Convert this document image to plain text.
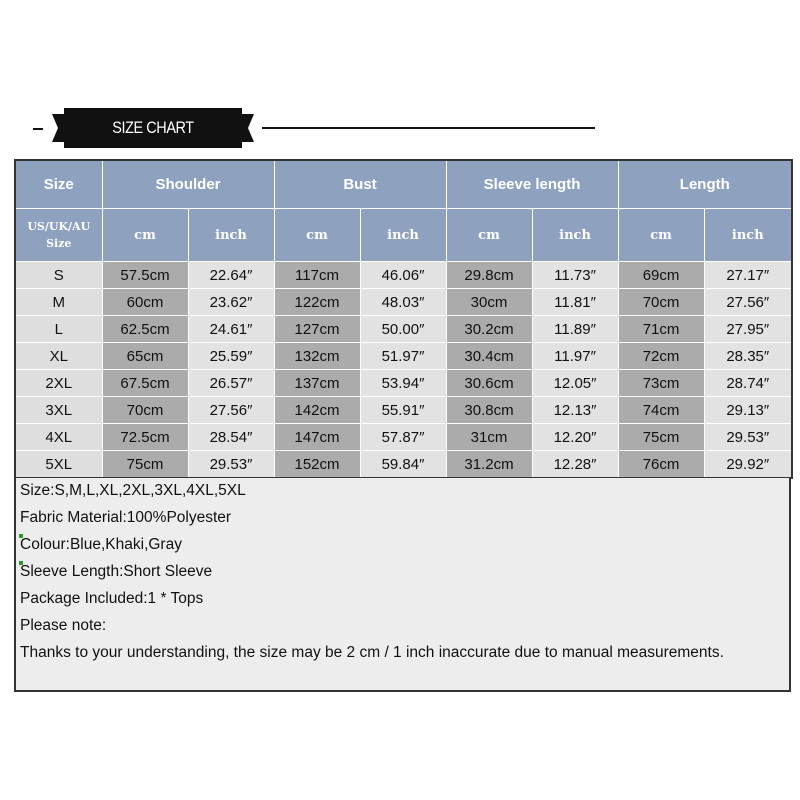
SIZE CHART
Size	Shoulder		Bust		Sleeve length		Length	
US/UK/AU
Size	cm	inch	cm	inch	cm	inch	cm	inch
S	57.5cm	22.64″	117cm	46.06″	29.8cm	11.73″	69cm	27.17″
M	60cm	23.62″	122cm	48.03″	30cm	11.81″	70cm	27.56″
L	62.5cm	24.61″	127cm	50.00″	30.2cm	11.89″	71cm	27.95″
XL	65cm	25.59″	132cm	51.97″	30.4cm	11.97″	72cm	28.35″
2XL	67.5cm	26.57″	137cm	53.94″	30.6cm	12.05″	73cm	28.74″
3XL	70cm	27.56″	142cm	55.91″	30.8cm	12.13″	74cm	29.13″
4XL	72.5cm	28.54″	147cm	57.87″	31cm	12.20″	75cm	29.53″
5XL	75cm	29.53″	152cm	59.84″	31.2cm	12.28″	76cm	29.92″
Size:S,M,L,XL,2XL,3XL,4XL,5XL
Fabric Material:100%Polyester
Colour:Blue,Khaki,Gray
Sleeve Length:Short Sleeve
Package Included:1 * Tops
Please note:
Thanks to your understanding, the size may be 2 cm / 1 inch inaccurate due to manual measurements.
